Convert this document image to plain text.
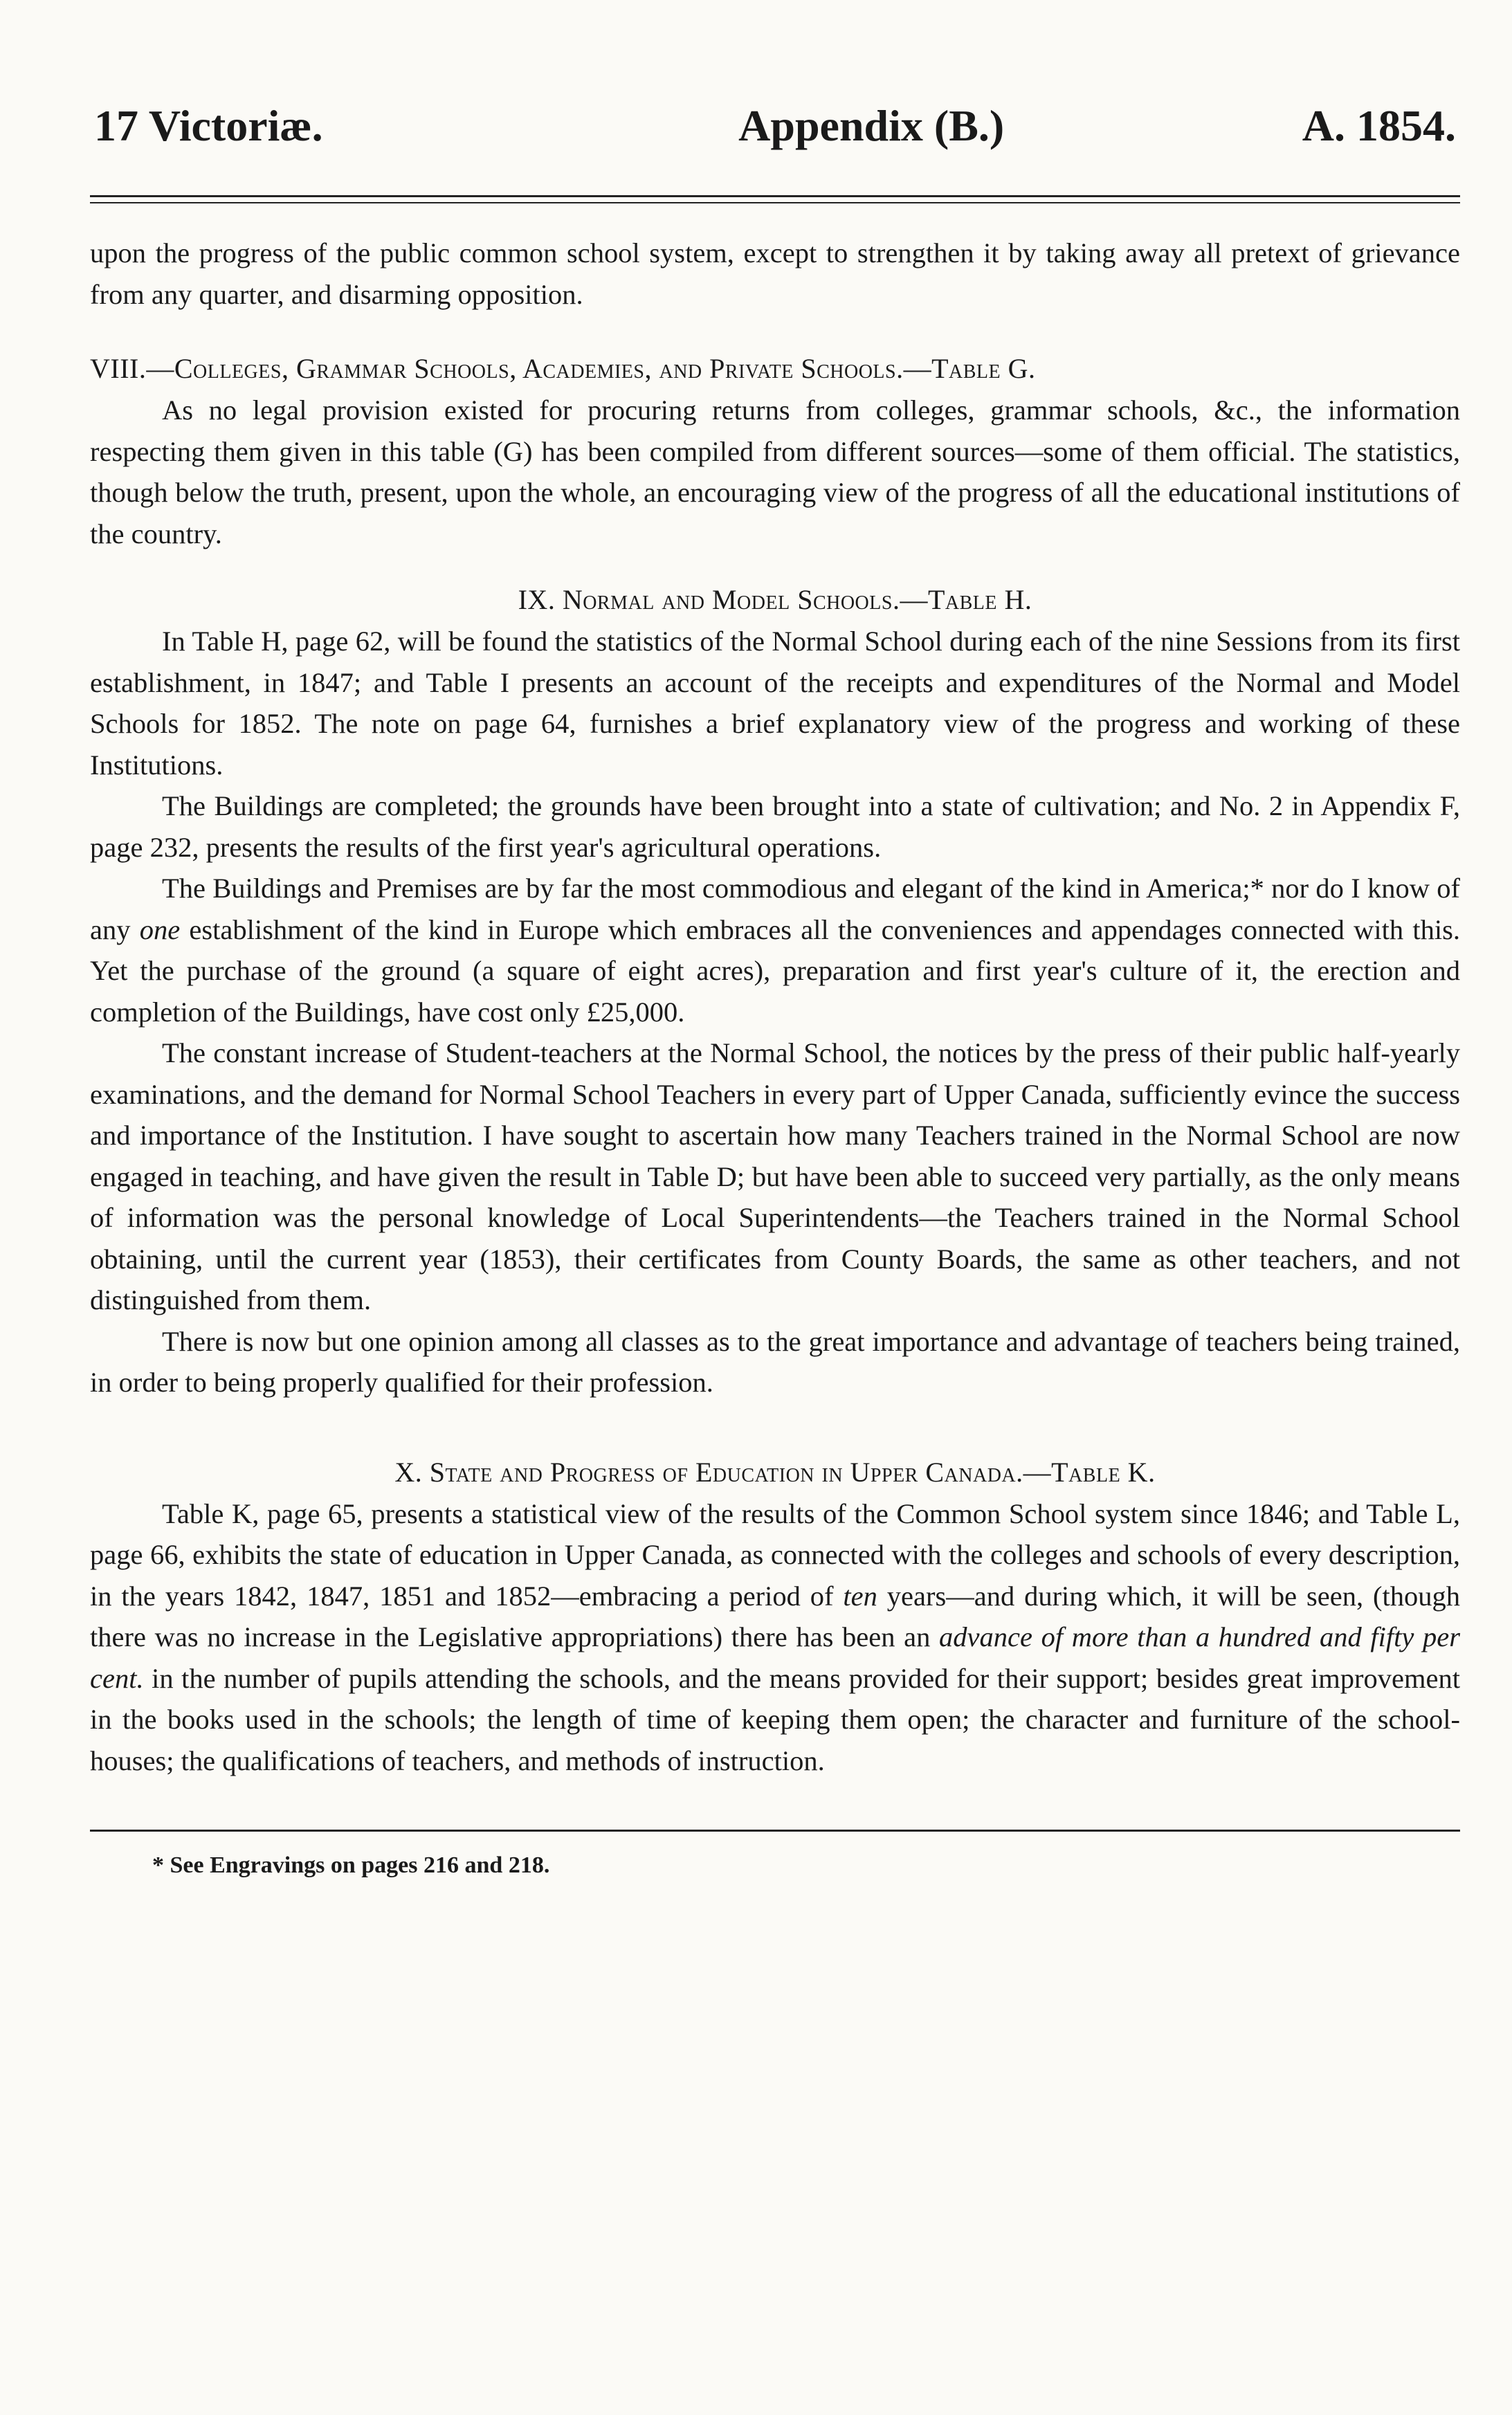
17 Victoriæ.	Appendix (B.)	A. 1854.

upon the progress of the public common school system, except to strengthen it by taking away all pretext of grievance from any quarter, and disarming opposition.

VIII.—Colleges, Grammar Schools, Academies, and Private Schools.—Table G.

As no legal provision existed for procuring returns from colleges, grammar schools, &c., the information respecting them given in this table (G) has been compiled from different sources—some of them official. The statistics, though below the truth, present, upon the whole, an encouraging view of the progress of all the educational institutions of the country.

IX. Normal and Model Schools.—Table H.

In Table H, page 62, will be found the statistics of the Normal School during each of the nine Sessions from its first establishment, in 1847; and Table I presents an account of the receipts and expenditures of the Normal and Model Schools for 1852. The note on page 64, furnishes a brief explanatory view of the progress and working of these Institutions.

The Buildings are completed; the grounds have been brought into a state of cultivation; and No. 2 in Appendix F, page 232, presents the results of the first year's agricultural operations.

The Buildings and Premises are by far the most commodious and elegant of the kind in America;* nor do I know of any one establishment of the kind in Europe which embraces all the conveniences and appendages connected with this. Yet the purchase of the ground (a square of eight acres), preparation and first year's culture of it, the erection and completion of the Buildings, have cost only £25,000.

The constant increase of Student-teachers at the Normal School, the notices by the press of their public half-yearly examinations, and the demand for Normal School Teachers in every part of Upper Canada, sufficiently evince the success and importance of the Institution. I have sought to ascertain how many Teachers trained in the Normal School are now engaged in teaching, and have given the result in Table D; but have been able to succeed very partially, as the only means of information was the personal knowledge of Local Superintendents—the Teachers trained in the Normal School obtaining, until the current year (1853), their certificates from County Boards, the same as other teachers, and not distinguished from them.

There is now but one opinion among all classes as to the great importance and advantage of teachers being trained, in order to being properly qualified for their profession.

X. State and Progress of Education in Upper Canada.—Table K.

Table K, page 65, presents a statistical view of the results of the Common School system since 1846; and Table L, page 66, exhibits the state of education in Upper Canada, as connected with the colleges and schools of every description, in the years 1842, 1847, 1851 and 1852—embracing a period of ten years—and during which, it will be seen, (though there was no increase in the Legislative appropriations) there has been an advance of more than a hundred and fifty per cent. in the number of pupils attending the schools, and the means provided for their support; besides great improvement in the books used in the schools; the length of time of keeping them open; the character and furniture of the school-houses; the qualifications of teachers, and methods of instruction.

* See Engravings on pages 216 and 218.
